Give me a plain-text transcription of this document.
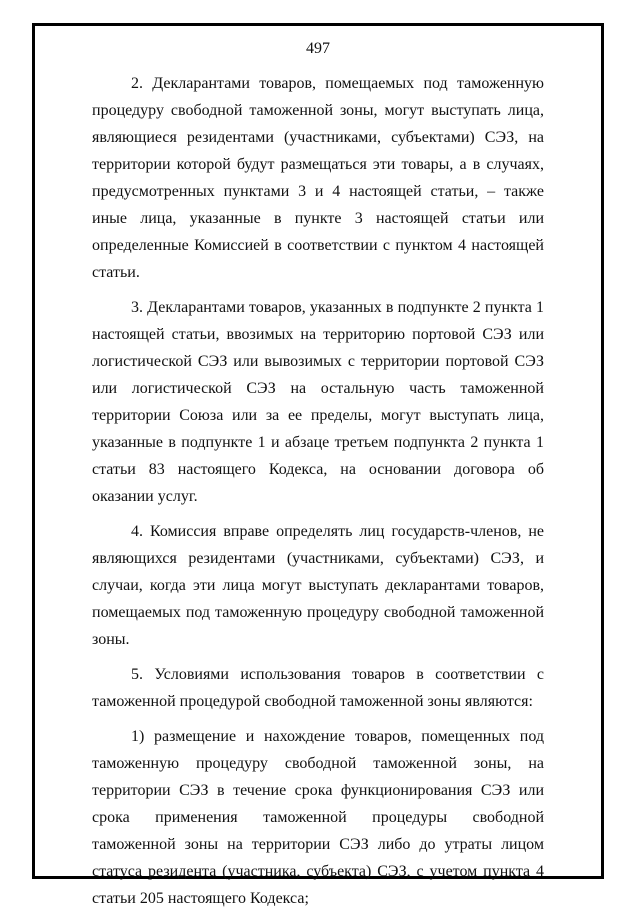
497

2. Декларантами товаров, помещаемых под таможенную процедуру свободной таможенной зоны, могут выступать лица, являющиеся резидентами (участниками, субъектами) СЭЗ, на территории которой будут размещаться эти товары, а в случаях, предусмотренных пунктами 3 и 4 настоящей статьи, – также иные лица, указанные в пункте 3 настоящей статьи или определенные Комиссией в соответствии с пунктом 4 настоящей статьи.

3. Декларантами товаров, указанных в подпункте 2 пункта 1 настоящей статьи, ввозимых на территорию портовой СЭЗ или логистической СЭЗ или вывозимых с территории портовой СЭЗ или логистической СЭЗ на остальную часть таможенной территории Союза или за ее пределы, могут выступать лица, указанные в подпункте 1 и абзаце третьем подпункта 2 пункта 1 статьи 83 настоящего Кодекса, на основании договора об оказании услуг.

4. Комиссия вправе определять лиц государств-членов, не являющихся резидентами (участниками, субъектами) СЭЗ, и случаи, когда эти лица могут выступать декларантами товаров, помещаемых под таможенную процедуру свободной таможенной зоны.

5. Условиями использования товаров в соответствии с таможенной процедурой свободной таможенной зоны являются:

1) размещение и нахождение товаров, помещенных под таможенную процедуру свободной таможенной зоны, на территории СЭЗ в течение срока функционирования СЭЗ или срока применения таможенной процедуры свободной таможенной зоны на территории СЭЗ либо до утраты лицом статуса резидента (участника, субъекта) СЭЗ, с учетом пункта 4 статьи 205 настоящего Кодекса;
